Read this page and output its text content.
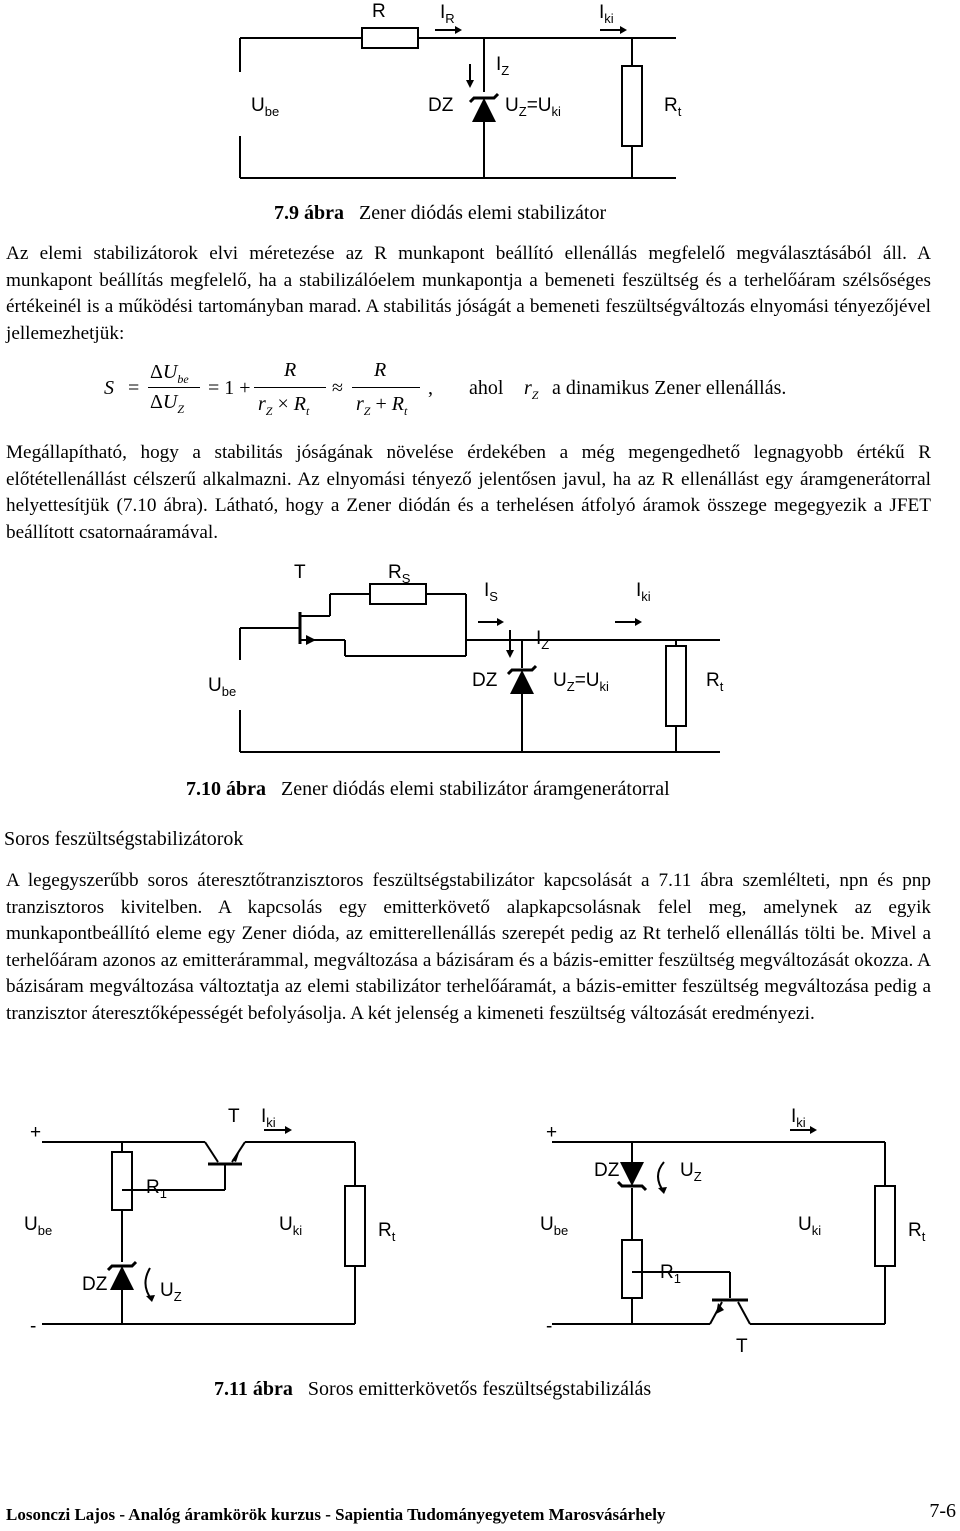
R	$I_R$	$I_{ki}$
$I_Z$
$U_{be}$	DZ	$U_Z=U_{ki}$	$R_t$
7.9 ábra Zener diódás elemi stabilizátor

Az elemi stabilizátorok elvi méretezése az R munkapont beállító ellenállás megfelelő megválasztásából áll. A munkapont beállítás megfelelő, ha a stabilizálóelem munkapontja a bemeneti feszültség és a terhelőáram szélsőséges értékeinél is a működési tartományban marad. A stabilitás jóságát a bemeneti feszültségváltozás elnyomási tényezőjével jellemezhetjük:

S =
$\Delta U_{be}$
$\Delta U_Z$
= 1 +
R
$r_Z \times R_t$
≈
R
$r_Z + R_t$
, ahol $r_Z$ a dinamikus Zener ellenállás.

Megállapítható, hogy a stabilitás jóságának növelése érdekében a még megengedhető legnagyobb értékű R előtétellenállást célszerű alkalmazni. Az elnyomási tényező jelentősen javul, ha az R ellenállást egy áramgenerátorral helyettesítjük (7.10 ábra). Látható, hogy a Zener diódán és a terhelésen átfolyó áramok összege megegyezik a JFET beállított csatornaáramával.

T	$R_S$
$I_S$	$I_{ki}$
$I_Z$
$U_{be}$
DZ	$U_Z=U_{ki}$	$R_t$
7.10 ábra Zener diódás elemi stabilizátor áramgenerátorral
Soros feszültségstabilizátorok

A legegyszerűbb soros áteresztőtranzisztoros feszültségstabilizátor kapcsolását a 7.11 ábra szemlélteti, npn és pnp tranzisztoros kivitelben. A kapcsolás egy emitterkövető alapkapcsolásnak felel meg, amelynek az egyik munkapontbeállító eleme egy Zener dióda, az emitterellenállás szerepét pedig az Rt terhelő ellenállás tölti be. Mivel a terhelőáram azonos az emitterárammal, megváltozása a bázisáram és a bázis-emitter feszültség megváltozását okozza. A bázisáram megváltozása változtatja az elemi stabilizátor terhelőáramát, a bázis-emitter feszültség megváltozása pedig a tranzisztor áteresztőképességét befolyásolja. A két jelenség a kimeneti feszültség változását eredményezi.

+
-
T $I_{ki}$
$R_1$
$U_{be}$	$U_{ki}$	$R_t$
DZ	$U_Z$
+
-
$I_{ki}$
DZ	$U_Z$
$U_{be}$	$U_{ki}$	$R_t$
$R_1$
T
7.11 ábra Soros emitterkövetős feszültségstabilizálás
Losonczi Lajos - Analóg áramkörök kurzus - Sapientia Tudományegyetem Marosvásárhely	7-6
